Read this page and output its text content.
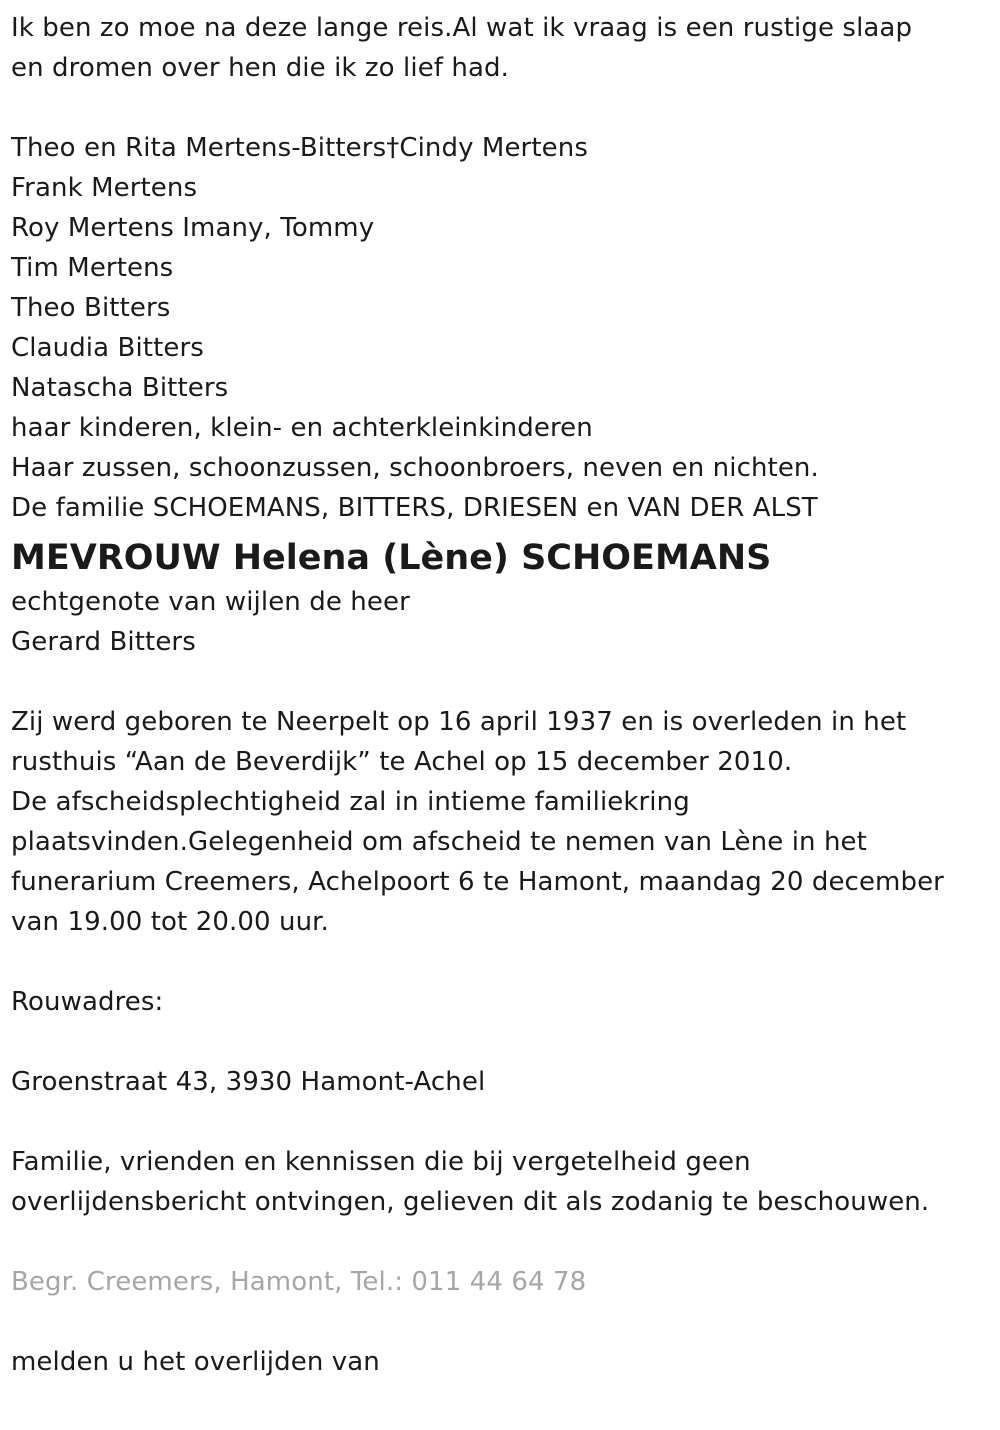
Ik ben zo moe na deze lange reis.Al wat ik vraag is een rustige slaap
en dromen over hen die ik zo lief had.
Theo en Rita Mertens-Bitters†Cindy Mertens
Frank Mertens
Roy Mertens Imany, Tommy
Tim Mertens
Theo Bitters
Claudia Bitters
Natascha Bitters
haar kinderen, klein- en achterkleinkinderen
Haar zussen, schoonzussen, schoonbroers, neven en nichten.
De familie SCHOEMANS, BITTERS, DRIESEN en VAN DER ALST
MEVROUW Helena (Lène) SCHOEMANS
echtgenote van wijlen de heer
Gerard Bitters
Zij werd geboren te Neerpelt op 16 april 1937 en is overleden in het
rusthuis “Aan de Beverdijk” te Achel op 15 december 2010.
De afscheidsplechtigheid zal in intieme familiekring
plaatsvinden.Gelegenheid om afscheid te nemen van Lène in het
funerarium Creemers, Achelpoort 6 te Hamont, maandag 20 december
van 19.00 tot 20.00 uur.
Rouwadres:
Groenstraat 43, 3930 Hamont-Achel
Familie, vrienden en kennissen die bij vergetelheid geen
overlijdensbericht ontvingen, gelieven dit als zodanig te beschouwen.
Begr. Creemers, Hamont, Tel.: 011 44 64 78
melden u het overlijden van
